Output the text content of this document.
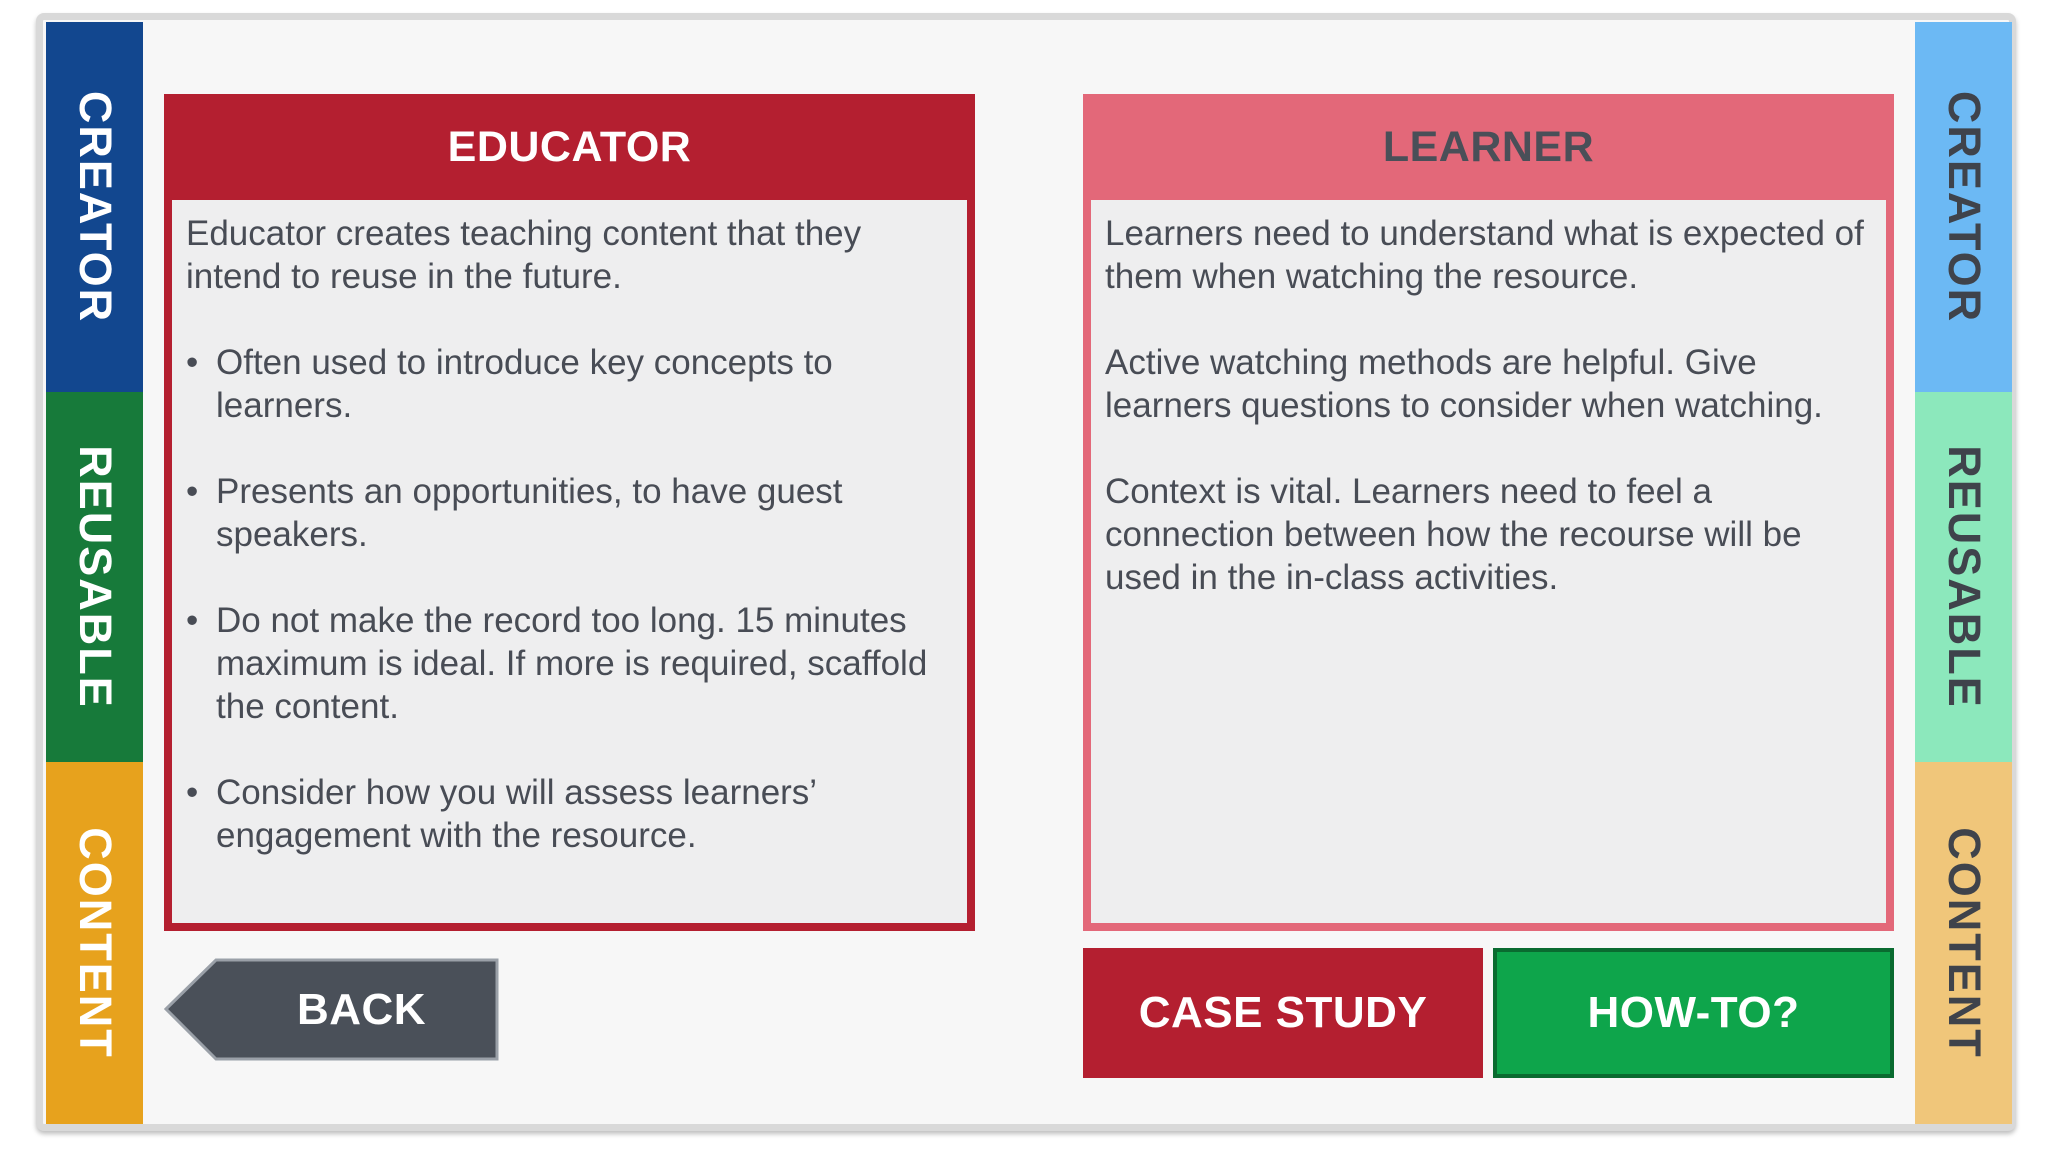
CREATOR
REUSABLE
CONTENT
CREATOR
REUSABLE
CONTENT
EDUCATOR

Educator creates teaching content that they intend to reuse in the future.

• Often used to introduce key concepts to learners.
• Presents an opportunities, to have guest speakers.
• Do not make the record too long. 15 minutes maximum is ideal. If more is required, scaffold the content.
• Consider how you will assess learners’ engagement with the resource.
LEARNER

Learners need to understand what is expected of them when watching the resource.

Active watching methods are helpful. Give learners questions to consider when watching.

Context is vital. Learners need to feel a connection between how the recourse will be used in the in-class activities.

BACK	CASE STUDY	HOW-TO?
